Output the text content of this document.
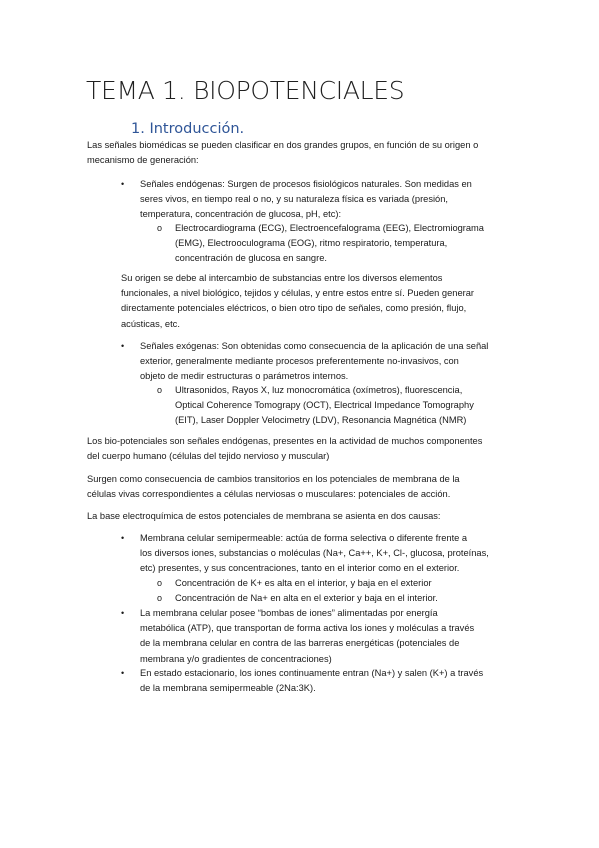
TEMA 1. BIOPOTENCIALES
1. Introducción.
Las señales biomédicas se pueden clasificar en dos grandes grupos, en función de su origen o
mecanismo de generación:
• Señales endógenas: Surgen de procesos fisiológicos naturales. Son medidas en
seres vivos, en tiempo real o no, y su naturaleza física es variada (presión,
temperatura, concentración de glucosa, pH, etc):
o Electrocardiograma (ECG), Electroencefalograma (EEG), Electromiograma
(EMG), Electrooculograma (EOG), ritmo respiratorio, temperatura,
concentración de glucosa en sangre.
Su origen se debe al intercambio de substancias entre los diversos elementos
funcionales, a nivel biológico, tejidos y células, y entre estos entre sí. Pueden generar
directamente potenciales eléctricos, o bien otro tipo de señales, como presión, flujo,
acústicas, etc.
• Señales exógenas: Son obtenidas como consecuencia de la aplicación de una señal
exterior, generalmente mediante procesos preferentemente no-invasivos, con
objeto de medir estructuras o parámetros internos.
o Ultrasonidos, Rayos X, luz monocromática (oxímetros), fluorescencia,
Optical Coherence Tomograpy (OCT), Electrical Impedance Tomography
(EIT), Laser Doppler Velocimetry (LDV), Resonancia Magnética (NMR)
Los bio-potenciales son señales endógenas, presentes en la actividad de muchos componentes
del cuerpo humano (células del tejido nervioso y muscular)
Surgen como consecuencia de cambios transitorios en los potenciales de membrana de la
células vivas correspondientes a células nerviosas o musculares: potenciales de acción.
La base electroquímica de estos potenciales de membrana se asienta en dos causas:
• Membrana celular semipermeable: actúa de forma selectiva o diferente frente a
los diversos iones, substancias o moléculas (Na+, Ca++, K+, Cl-, glucosa, proteínas,
etc) presentes, y sus concentraciones, tanto en el interior como en el exterior.
o Concentración de K+ es alta en el interior, y baja en el exterior
o Concentración de Na+ en alta en el exterior y baja en el interior.
• La membrana celular posee “bombas de iones” alimentadas por energía
metabólica (ATP), que transportan de forma activa los iones y moléculas a través
de la membrana celular en contra de las barreras energéticas (potenciales de
membrana y/o gradientes de concentraciones)
• En estado estacionario, los iones continuamente entran (Na+) y salen (K+) a través
de la membrana semipermeable (2Na:3K).
